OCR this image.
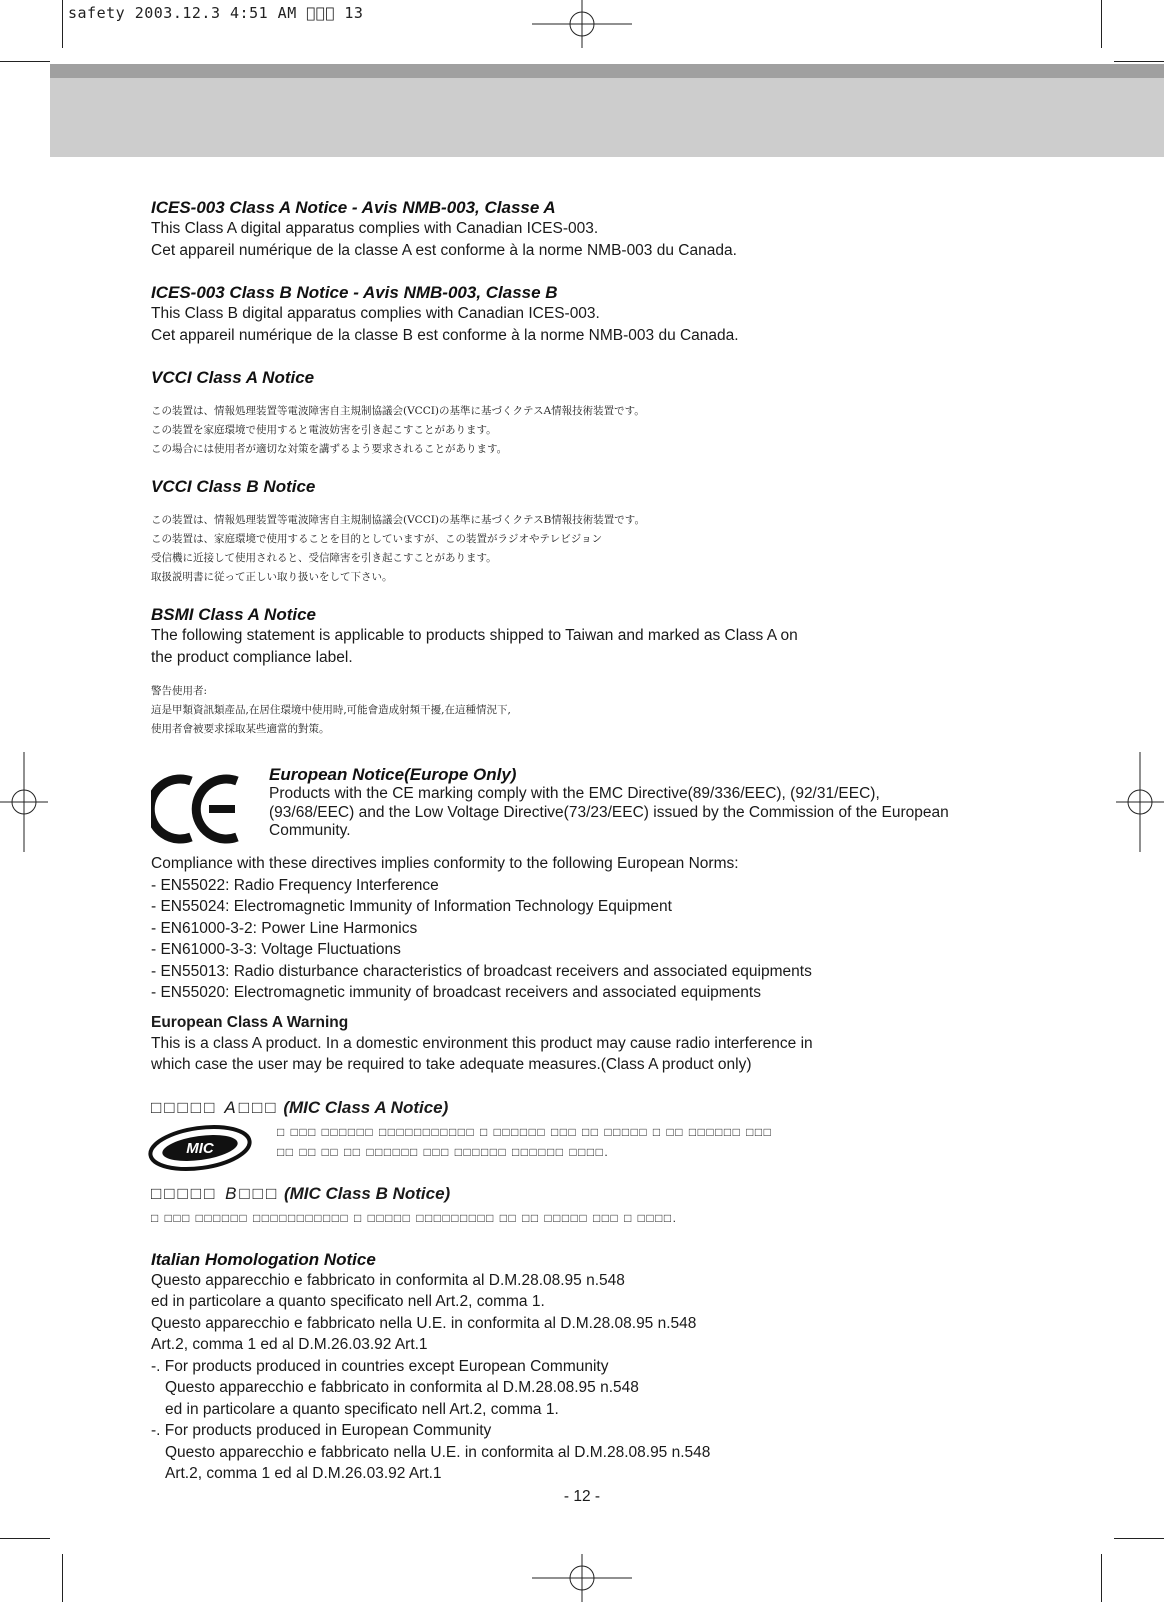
safety 2003.12.3 4:51 AM     13

ICES-003 Class A Notice - Avis NMB-003, Classe A

This Class A digital apparatus complies with Canadian ICES-003.

Cet appareil numérique de la classe A est conforme à la norme NMB-003 du Canada.

ICES-003 Class B Notice - Avis NMB-003, Classe B

This Class B digital apparatus complies with Canadian ICES-003.

Cet appareil numérique de la classe B est conforme à la norme NMB-003 du Canada.

VCCI Class A Notice

この装置は、情報処理装置等電波障害自主規制協議会(VCCI)の基準に基づくクテスA情報技術装置です。

この装置を家庭環境で使用すると電波妨害を引き起こすことがあります。

この場合には使用者が適切な対策を講ずるよう要求されることがあります。

VCCI Class B Notice

この装置は、情報処理装置等電波障害自主規制協議会(VCCI)の基準に基づくクテスB情報技術装置です。

この装置は、家庭環境で使用することを目的としていますが、この装置がラジオやテレビジョン

受信機に近接して使用されると、受信障害を引き起こすことがあります。

取扱説明書に従って正しい取り扱いをして下さい。

BSMI Class A Notice

The following statement is applicable to products shipped to Taiwan and marked as Class A on

the product compliance label.

警告使用者:

這是甲類資訊類產品,在居住環境中使用時,可能會造成射頻干擾,在這種情況下,

使用者會被要求採取某些適當的對策。

European Notice(Europe Only)

Products with the CE marking comply with the EMC Directive(89/336/EEC), (92/31/EEC),

(93/68/EEC) and the Low Voltage Directive(73/23/EEC) issued by the Commission of the European

Community.

Compliance with these directives implies conformity to the following European Norms:

- EN55022: Radio Frequency Interference

- EN55024: Electromagnetic Immunity of Information Technology Equipment

- EN61000-3-2: Power Line Harmonics

- EN61000-3-3: Voltage Fluctuations

- EN55013: Radio disturbance characteristics of broadcast receivers and associated equipments

- EN55020: Electromagnetic immunity of broadcast receivers and associated equipments

European Class A Warning

This is a class A product. In a domestic environment this product may cause radio interference in

which case the user may be required to take adequate measures.(Class A product only)

□□□□□ A□□□ (MIC Class A Notice)

MIC
□ □□□ □□□□□□ □□□□□□□□□□□ □ □□□□□□ □□□ □□ □□□□□ □ □□ □□□□□□ □□□
□□ □□ □□ □□ □□□□□□ □□□ □□□□□□ □□□□□□ □□□□.

□□□□□ B□□□ (MIC Class B Notice)

□ □□□ □□□□□□ □□□□□□□□□□□ □ □□□□□ □□□□□□□□□ □□ □□ □□□□□ □□□ □ □□□□.

Italian Homologation Notice

Questo apparecchio e fabbricato in conformita al D.M.28.08.95 n.548

ed in particolare a quanto specificato nell Art.2, comma 1.

Questo apparecchio e fabbricato nella U.E. in conformita al D.M.28.08.95 n.548

Art.2, comma 1 ed al D.M.26.03.92 Art.1

-. For products produced in countries except European Community

Questo apparecchio e fabbricato in conformita al D.M.28.08.95 n.548

ed in particolare a quanto specificato nell Art.2, comma 1.

-. For products produced in European Community

Questo apparecchio e fabbricato nella U.E. in conformita al D.M.28.08.95 n.548

Art.2, comma 1 ed al D.M.26.03.92 Art.1

- 12 -
